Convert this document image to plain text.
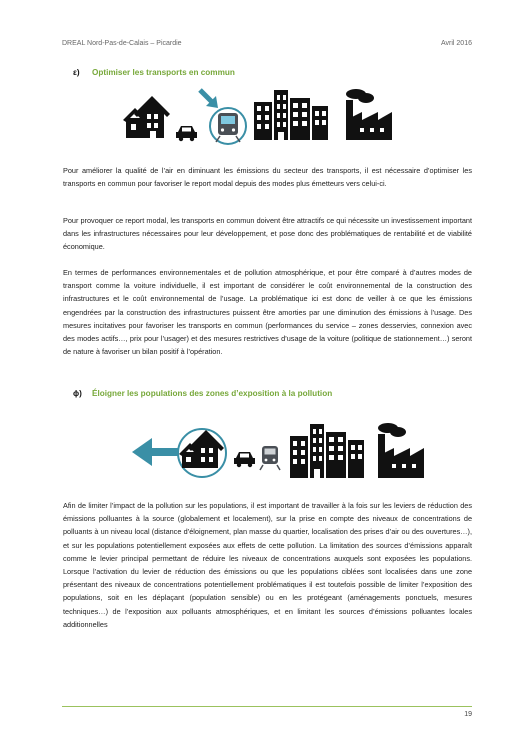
DREAL Nord-Pas-de-Calais – Picardie	Avril 2016
ε) Optimiser les transports en commun

Pour améliorer la qualité de l’air en diminuant les émissions du secteur des transports, il est nécessaire d’optimiser les transports en commun pour favoriser le report modal depuis des modes plus émetteurs vers celui-ci.

Pour provoquer ce report modal, les transports en commun doivent être attractifs ce qui nécessite un investissement important dans les infrastructures nécessaires pour leur développement, et pose donc des problématiques de rentabilité et de viabilité économique.

En termes de performances environnementales et de pollution atmosphérique, et pour être comparé à d’autres modes de transport comme la voiture individuelle, il est important de considérer le coût environnemental de la construction des infrastructures et le coût environnemental de l’usage. La problématique ici est donc de veiller à ce que les émissions engendrées par la construction des infrastructures puissent être amorties par une diminution des émissions à l’usage. Des mesures incitatives pour favoriser les transports en commun (performances du service – zones desservies, connexion avec des modes actifs…, prix pour l’usager) et des mesures restrictives d’usage de la voiture (politique de stationnement…) seront de nature à favoriser un bilan positif à l’opération.

ϕ) Éloigner les populations des zones d’exposition à la pollution

Afin de limiter l’impact de la pollution sur les populations, il est important de travailler à la fois sur les leviers de réduction des émissions polluantes à la source (globalement et localement), sur la prise en compte des niveaux de concentrations de polluants à un niveau local (distance d’éloignement, plan masse du quartier, localisation des prises d’air ou des ouvertures…), et sur les populations potentiellement exposées aux effets de cette pollution. La limitation des sources d’émissions apparaît comme le levier principal permettant de réduire les niveaux de concentrations auxquels sont exposées les populations. Lorsque l’activation du levier de réduction des émissions ou que les populations ciblées sont localisées dans une zone présentant des niveaux de concentrations potentiellement problématiques il est toutefois possible de limiter l’exposition des populations, soit en les déplaçant (population sensible) ou en les protégeant (aménagements ponctuels, mesures techniques…) de l’exposition aux polluants atmosphériques, et en limitant les sources d’émissions polluantes locales additionnelles

19
